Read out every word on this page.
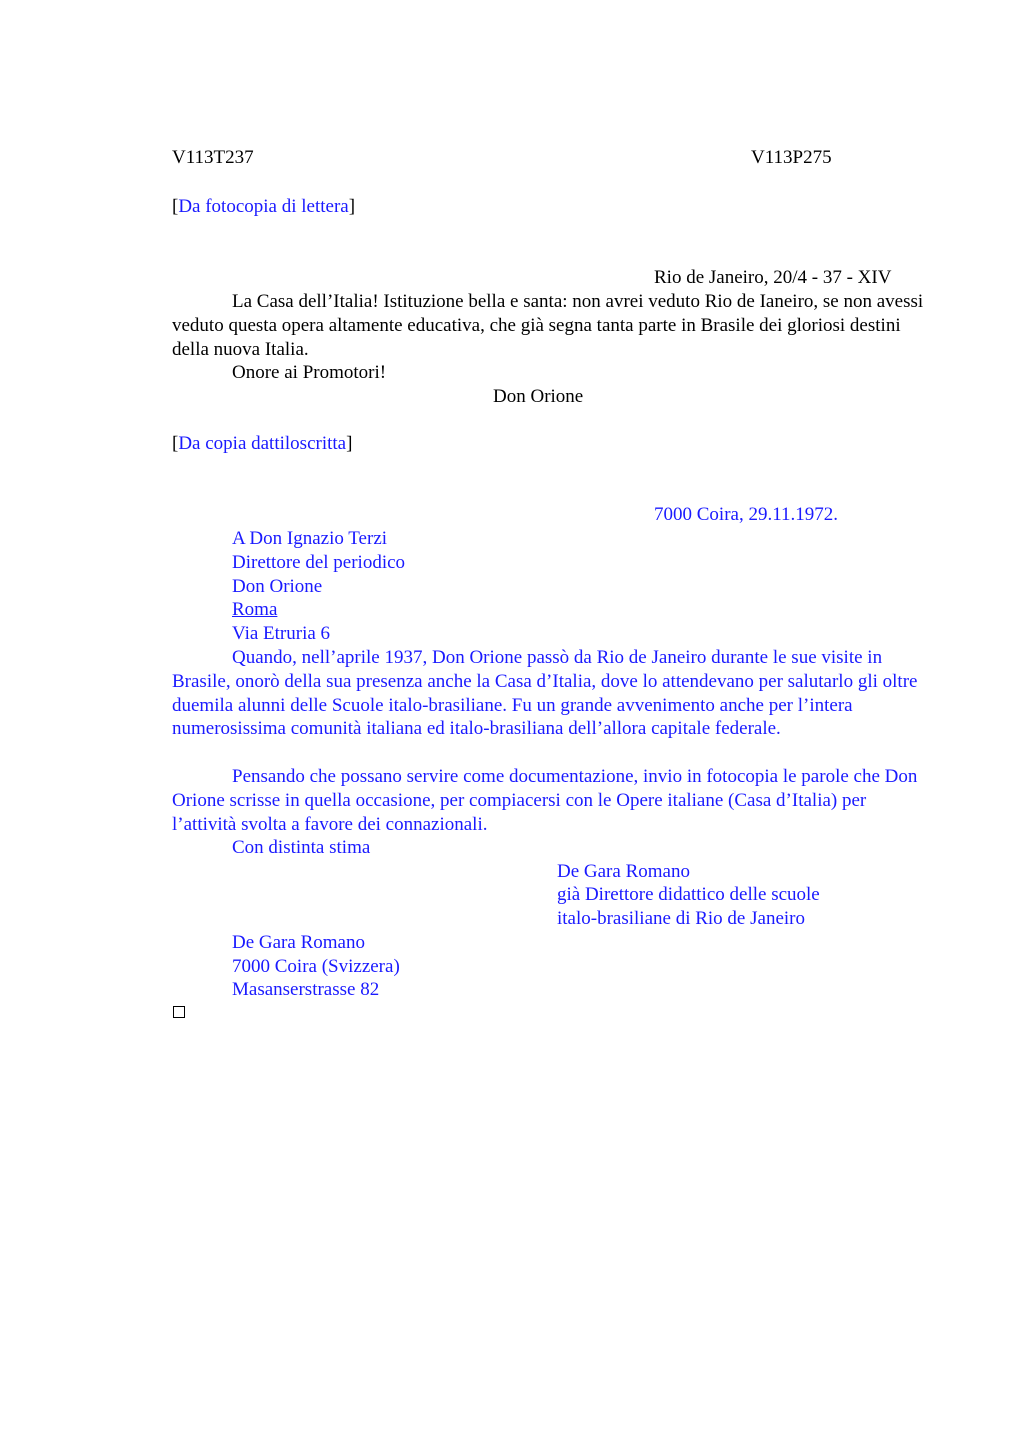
V113T237	V113P275
[Da fotocopia di lettera]
Rio de Janeiro, 20/4 - 37 - XIV
La Casa dell’Italia! Istituzione bella e santa: non avrei veduto Rio de Ianeiro, se non avessi veduto questa opera altamente educativa, che già segna tanta parte in Brasile dei gloriosi destini della nuova Italia.
Onore ai Promotori!
Don Orione
[Da copia dattiloscritta]
7000 Coira, 29.11.1972.
A Don Ignazio Terzi
Direttore del periodico
Don Orione
Roma
Via Etruria 6
Quando, nell’aprile 1937, Don Orione passò da Rio de Janeiro durante le sue visite in Brasile, onorò della sua presenza anche la Casa d’Italia, dove lo attendevano per salutarlo gli oltre duemila alunni delle Scuole italo-brasiliane. Fu un grande avvenimento anche per l’intera numerosissima comunità italiana ed italo-brasiliana dell’allora capitale federale.
Pensando che possano servire come documentazione, invio in fotocopia le parole che Don Orione scrisse in quella occasione, per compiacersi con le Opere italiane (Casa d’Italia) per l’attività svolta a favore dei connazionali.
Con distinta stima
De Gara Romano
già Direttore didattico delle scuole
italo-brasiliane di Rio de Janeiro
De Gara Romano
7000 Coira (Svizzera)
Masanserstrasse 82
